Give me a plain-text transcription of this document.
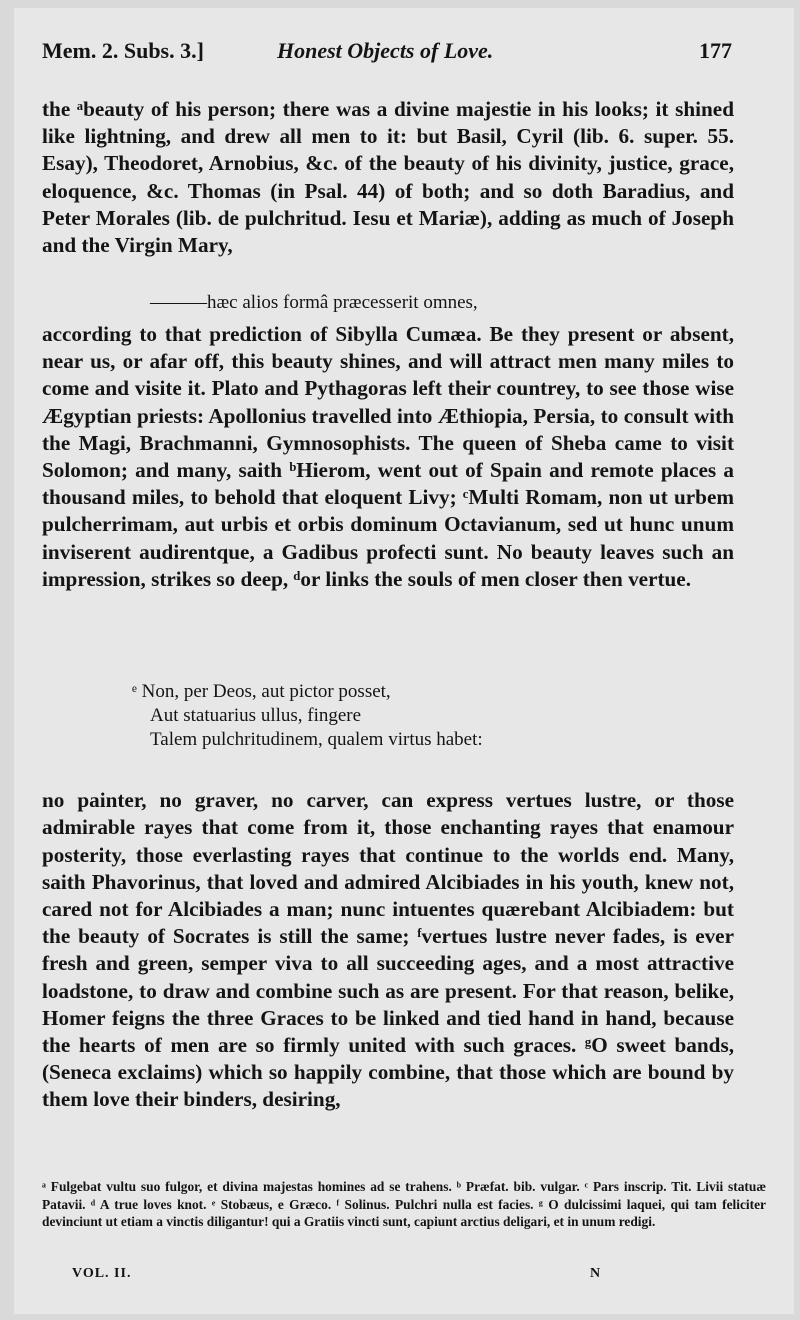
Mem. 2. Subs. 3.]	Honest Objects of Love.	177

the ᵃbeauty of his person; there was a divine majestie in his looks; it shined like lightning, and drew all men to it: but Basil, Cyril (lib. 6. super. 55. Esay), Theodoret, Arnobius, &c. of the beauty of his divinity, justice, grace, eloquence, &c. Thomas (in Psal. 44) of both; and so doth Baradius, and Peter Morales (lib. de pulchritud. Iesu et Mariæ), adding as much of Joseph and the Virgin Mary,

———hæc alios formâ præcesserit omnes,

according to that prediction of Sibylla Cumæa. Be they present or absent, near us, or afar off, this beauty shines, and will attract men many miles to come and visite it. Plato and Pythagoras left their countrey, to see those wise Ægyptian priests: Apollonius travelled into Æthiopia, Persia, to consult with the Magi, Brachmanni, Gymnosophists. The queen of Sheba came to visit Solomon; and many, saith ᵇHierom, went out of Spain and remote places a thousand miles, to behold that eloquent Livy; ᶜMulti Romam, non ut urbem pulcherrimam, aut urbis et orbis dominum Octavianum, sed ut hunc unum inviserent audirentque, a Gadibus profecti sunt. No beauty leaves such an impression, strikes so deep, ᵈor links the souls of men closer then vertue.

ᵉ Non, per Deos, aut pictor posset,
Aut statuarius ullus, fingere
Talem pulchritudinem, qualem virtus habet:

no painter, no graver, no carver, can express vertues lustre, or those admirable rayes that come from it, those enchanting rayes that enamour posterity, those everlasting rayes that continue to the worlds end. Many, saith Phavorinus, that loved and admired Alcibiades in his youth, knew not, cared not for Alcibiades a man; nunc intuentes quærebant Alcibiadem: but the beauty of Socrates is still the same; ᶠvertues lustre never fades, is ever fresh and green, semper viva to all succeeding ages, and a most attractive loadstone, to draw and combine such as are present. For that reason, belike, Homer feigns the three Graces to be linked and tied hand in hand, because the hearts of men are so firmly united with such graces. ᵍO sweet bands, (Seneca exclaims) which so happily combine, that those which are bound by them love their binders, desiring,

ᵃ Fulgebat vultu suo fulgor, et divina majestas homines ad se trahens. ᵇ Præfat. bib. vulgar. ᶜ Pars inscrip. Tit. Livii statuæ Patavii. ᵈ A true loves knot. ᵉ Stobæus, e Græco. ᶠ Solinus. Pulchri nulla est facies. ᵍ O dulcissimi laquei, qui tam feliciter devinciunt ut etiam a vinctis diligantur! qui a Gratiis vincti sunt, capiunt arctius deligari, et in unum redigi.

VOL. II.	N
